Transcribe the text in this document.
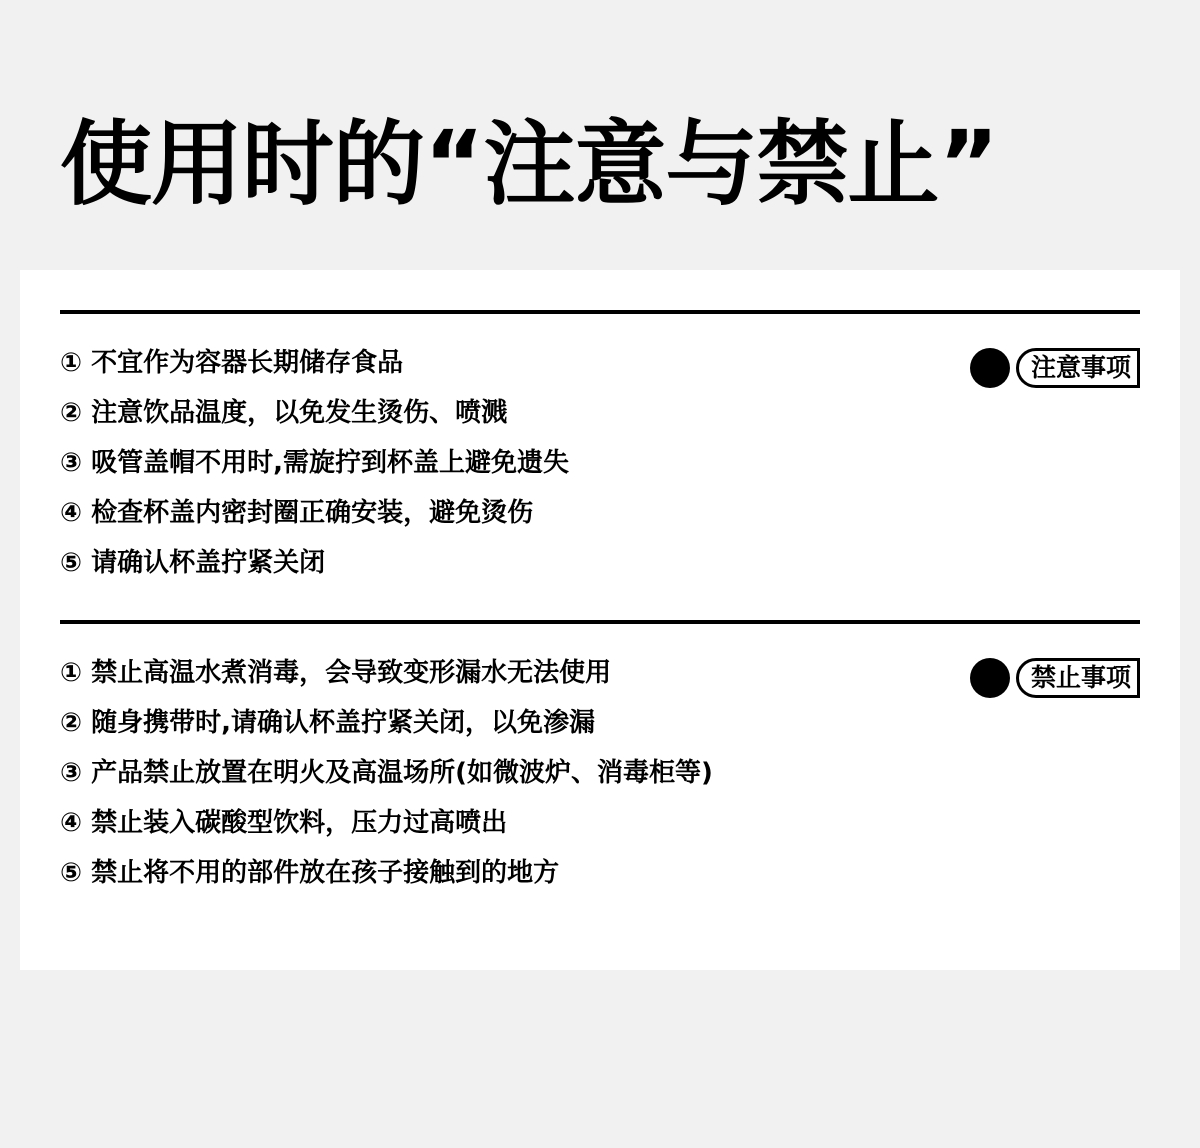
使用时的“注意与禁止”
① 不宜作为容器长期储存食品
② 注意饮品温度，以免发生烫伤、喷溅
③ 吸管盖帽不用时,需旋拧到杯盖上避免遗失
④ 检查杯盖内密封圈正确安装，避免烫伤
⑤ 请确认杯盖拧紧关闭
注意事项
① 禁止高温水煮消毒，会导致变形漏水无法使用
② 随身携带时,请确认杯盖拧紧关闭，以免渗漏
③ 产品禁止放置在明火及高温场所(如微波炉、消毒柜等)
④ 禁止装入碳酸型饮料，压力过高喷出
⑤ 禁止将不用的部件放在孩子接触到的地方
禁止事项
